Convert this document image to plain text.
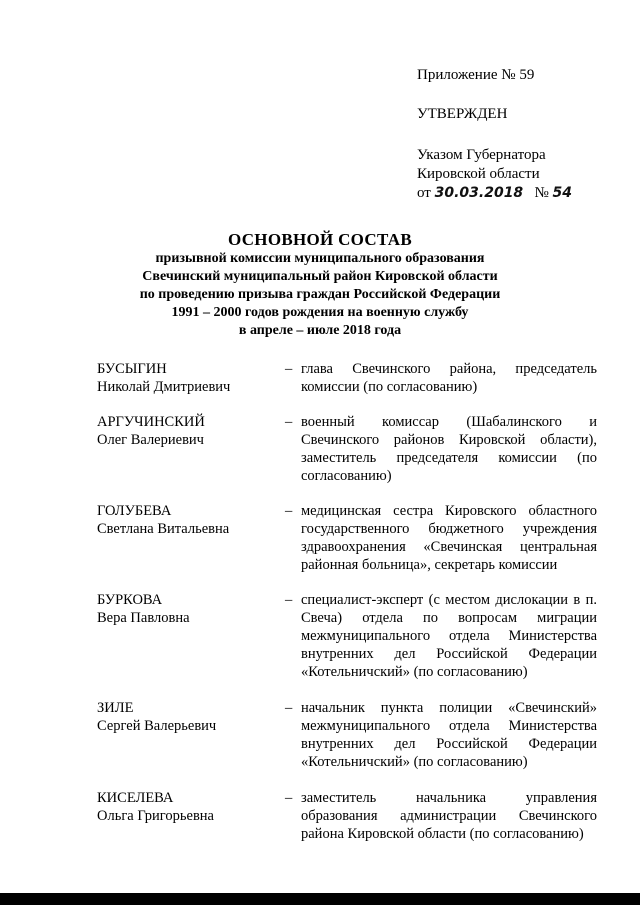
Приложение № 59
УТВЕРЖДЕН
Указом Губернатора
Кировской области
от 30.03.2018 № 54
ОСНОВНОЙ СОСТАВ
призывной комиссии муниципального образования
Свечинский муниципальный район Кировской области
по проведению призыва граждан Российской Федерации
1991 – 2000 годов рождения на военную службу
в апреле – июле 2018 года
БУСЫГИН
Николай Дмитриевич
– глава Свечинского района, председатель комиссии (по согласованию)
АРГУЧИНСКИЙ
Олег Валериевич
– военный комиссар (Шабалинского и Свечинского районов Кировской области), заместитель председателя комиссии (по согласованию)
ГОЛУБЕВА
Светлана Витальевна
– медицинская сестра Кировского областного государственного бюджетного учреждения здравоохранения «Свечинская центральная районная больница», секретарь комиссии
БУРКОВА
Вера Павловна
– специалист-эксперт (с местом дислокации в п. Свеча) отдела по вопросам миграции межмуниципального отдела Министерства внутренних дел Российской Федерации «Котельничский» (по согласованию)
ЗИЛЕ
Сергей Валерьевич
– начальник пункта полиции «Свечинский» межмуниципального отдела Министерства внутренних дел Российской Федерации «Котельничский» (по согласованию)
КИСЕЛЕВА
Ольга Григорьевна
– заместитель начальника управления образования администрации Свечинского района Кировской области (по согласованию)
